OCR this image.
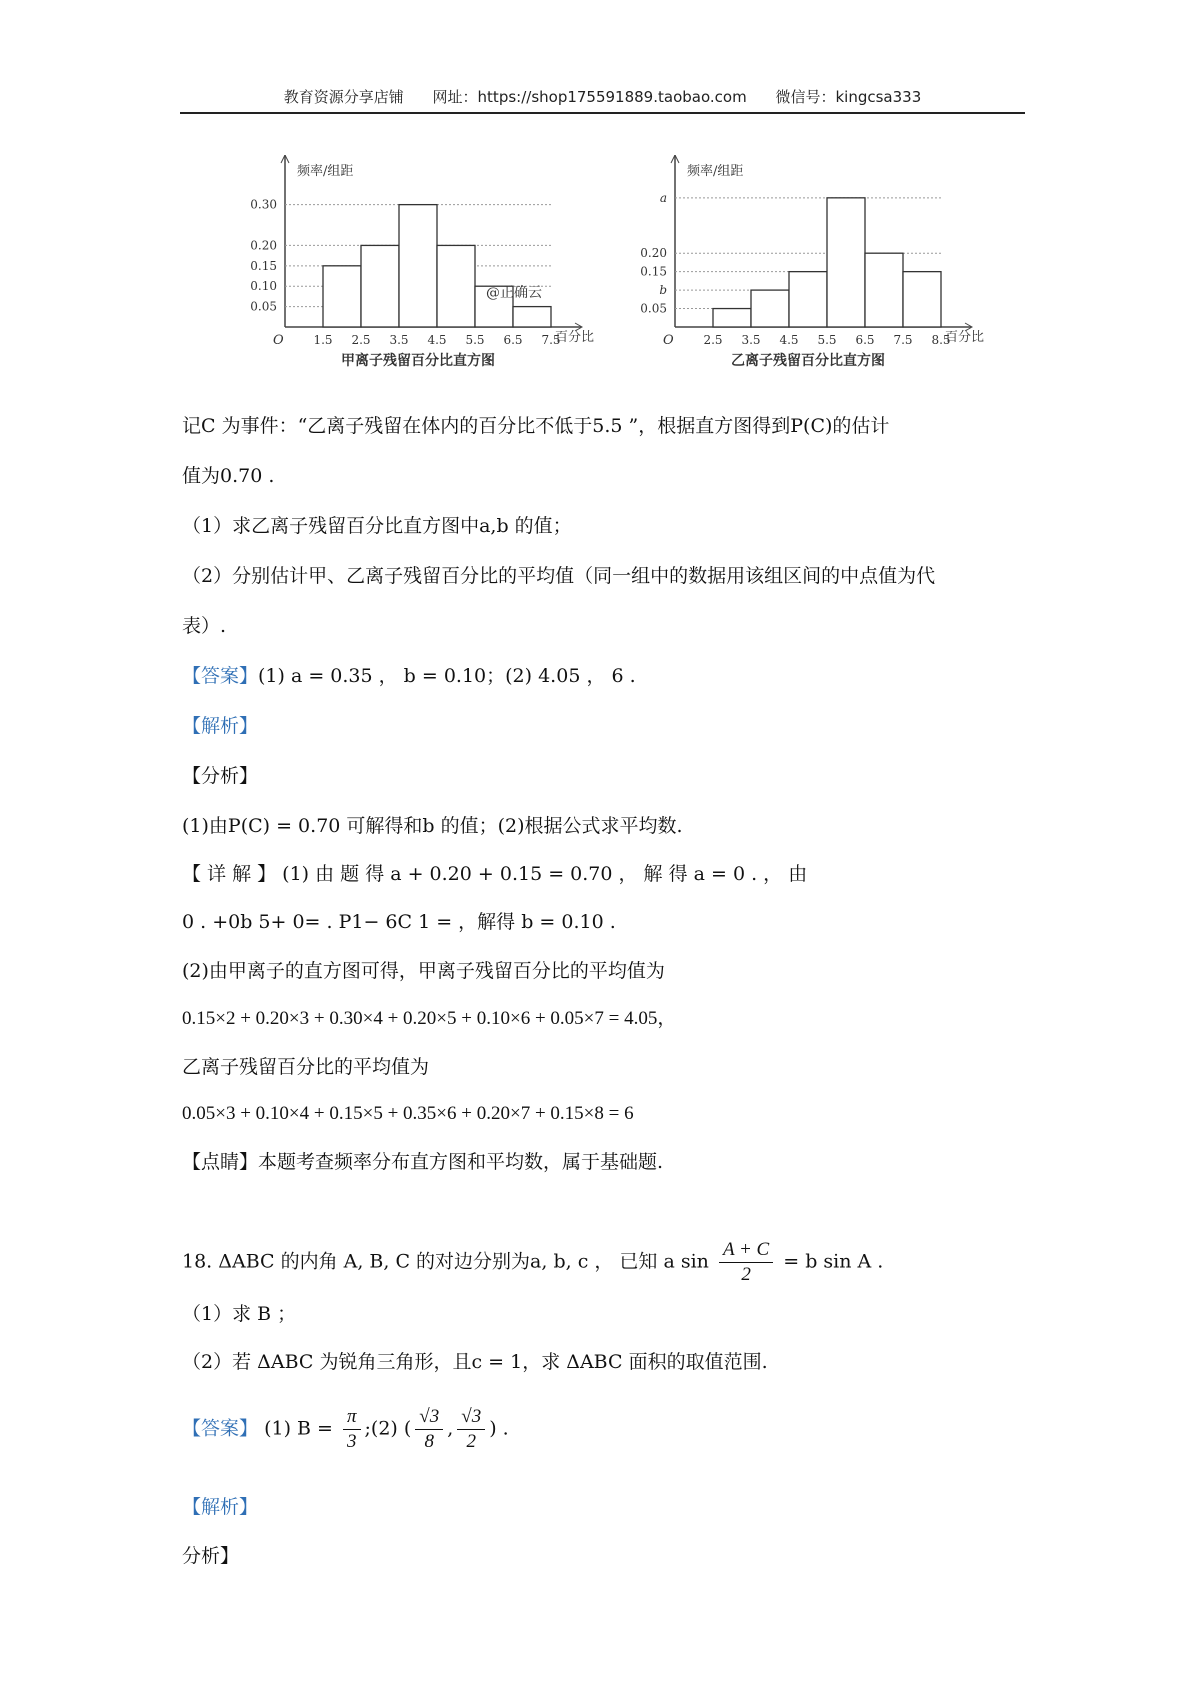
教育资源分享店铺 网址：https://shop175591889.taobao.com 微信号：kingcsa333
0.05
0.10
0.15
0.20
0.30
1.5 2.5 3.5 4.5 5.5 6.5 7.5
O	百分比
频率/组距
甲离子残留百分比直方图
@正确云
0.05
b
0.15
0.20
a
2.5 3.5 4.5 5.5 6.5 7.5 8.5
O	百分比
频率/组距
乙离子残留百分比直方图
记C 为事件：“乙离子残留在体内的百分比不低于5.5 ”，根据直方图得到P(C)的估计
值为0.70 .
（1）求乙离子残留百分比直方图中a,b 的值；
（2）分别估计甲、乙离子残留百分比的平均值（同一组中的数据用该组区间的中点值为代
表）.
【答案】(1) a = 0.35 ， b = 0.10；(2) 4.05 ， 6 .
【解析】
【分析】
(1)由P(C) = 0.70 可解得和b 的值；(2)根据公式求平均数.
【 详 解 】 (1) 由 题 得 a + 0.20 + 0.15 = 0.70 ， 解 得 a = 0 . ， 由
0 . +0b 5+ 0= . P1− 6C 1 = ，解得 b = 0.10 .
(2)由甲离子的直方图可得，甲离子残留百分比的平均值为
0.15×2 + 0.20×3 + 0.30×4 + 0.20×5 + 0.10×6 + 0.05×7 = 4.05，
乙离子残留百分比的平均值为
0.05×3 + 0.10×4 + 0.15×5 + 0.35×6 + 0.20×7 + 0.15×8 = 6
【点睛】本题考查频率分布直方图和平均数，属于基础题.
18. ΔABC 的内角 A, B, C 的对边分别为a, b, c ， 已知 a $\sin \frac{A + C}{2} = b$ sin A .
（1）求 B ；
（2）若 ΔABC 为锐角三角形，且c = 1，求 ΔABC 面积的取值范围.
【答案】 (1) $B = \frac{\pi}{3}$ ;(2) ( $\frac{√3}{8}$ , $\frac{√3}{2}$ ) .
【解析】
分析】
